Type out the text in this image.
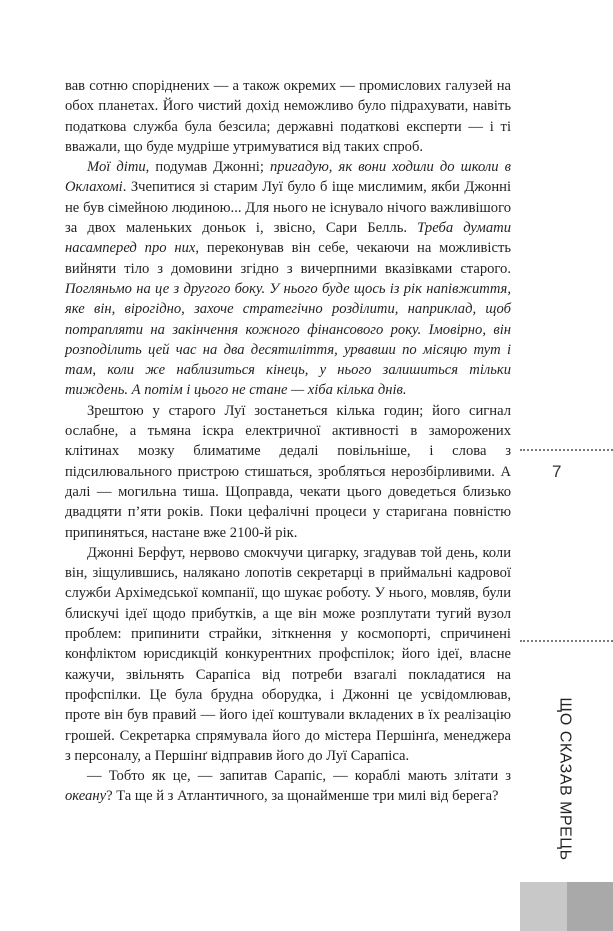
вав сотню споріднених — а також окремих — промислових галузей на обох планетах. Його чистий дохід неможливо було підрахувати, навіть податкова служба була безсила; державні податкові експерти — і ті вважали, що буде мудріше утримуватися від таких спроб.

Мої діти, подумав Джонні; пригадую, як вони ходили до школи в Оклахомі. Зчепитися зі старим Луї було б іще мислимим, якби Джонні не був сімейною людиною... Для нього не існувало нічого важливішого за двох маленьких доньок і, звісно, Сари Белль. Треба думати насамперед про них, переконував він себе, чекаючи на можливість вийняти тіло з домовини згідно з вичерпними вказівками старого. Погляньмо на це з другого боку. У нього буде щось із рік напівжиття, яке він, вірогідно, захоче стратегічно розділити, наприклад, щоб потрапляти на закінчення кожного фінансового року. Імовірно, він розподілить цей час на два десятиліття, урвавши по місяцю тут і там, коли же наблизиться кінець, у нього залишиться тільки тиждень. А потім і цього не стане — хіба кілька днів.

Зрештою у старого Луї зостанеться кілька годин; його сигнал ослабне, а тьмяна іскра електричної активності в заморожених клітинах мозку блиматиме дедалі повільніше, і слова з підсилювального пристрою стишаться, зробляться нерозбірливими. А далі — могильна тиша. Щоправда, чекати цього доведеться близько двадцяти п’яти років. Поки цефалічні процеси у старигана повністю припиняться, настане вже 2100-й рік.

Джонні Берфут, нервово смокчучи цигарку, згадував той день, коли він, зіщулившись, налякано лопотів секретарці в приймальні кадрової служби Архімедської компанії, що шукає роботу. У нього, мовляв, були блискучі ідеї щодо прибутків, а ще він може розплутати тугий вузол проблем: припинити страйки, зіткнення у космопорті, спричинені конфліктом юрисдикцій конкурентних профспілок; його ідеї, власне кажучи, звільнять Сарапіса від потреби взагалі покладатися на профспілки. Це була брудна оборудка, і Джонні це усвідомлював, проте він був правий — його ідеї коштували вкладених в їх реалізацію грошей. Секретарка спрямувала його до містера Першінґа, менеджера з персоналу, а Першінґ відправив його до Луї Сарапіса.

— Тобто як це, — запитав Сарапіс, — кораблі мають злітати з океану? Та ще й з Атлантичного, за щонайменше три милі від берега?

7
ЩО СКАЗАВ МРЕЦЬ
